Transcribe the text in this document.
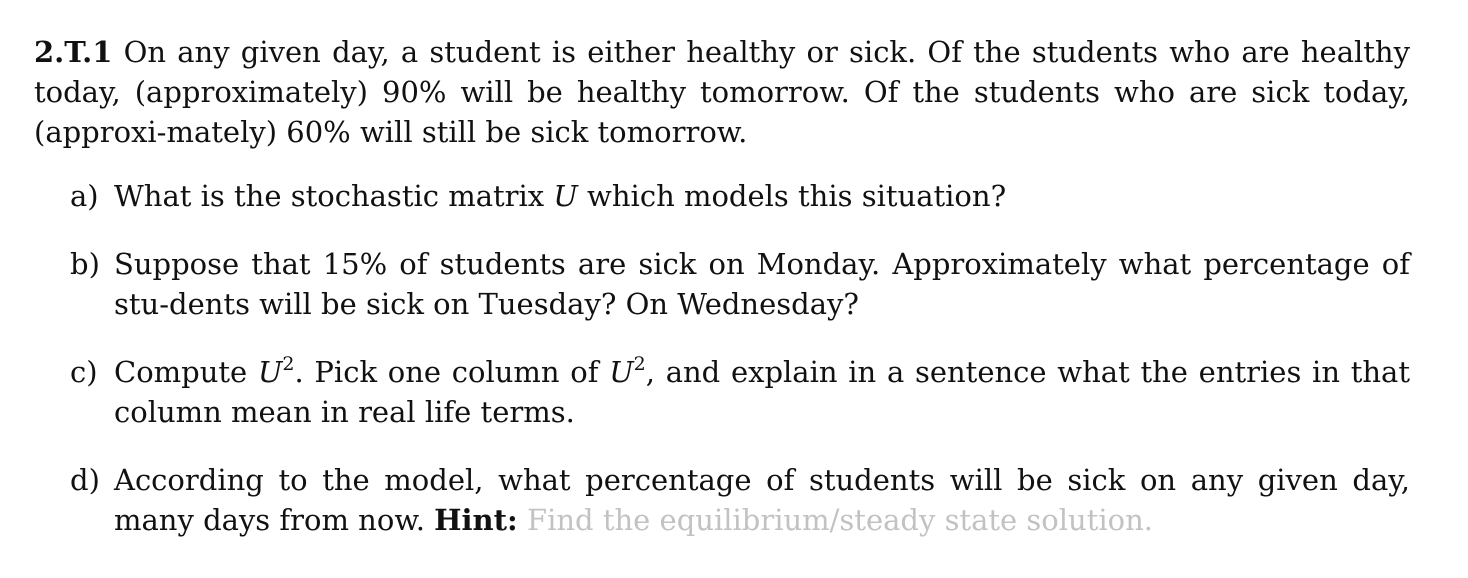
2.T.1 On any given day, a student is either healthy or sick. Of the students who are healthy today, (approximately) 90% will be healthy tomorrow. Of the students who are sick today, (approxi-mately) 60% will still be sick tomorrow.

a) What is the stochastic matrix U which models this situation?
b) Suppose that 15% of students are sick on Monday. Approximately what percentage of stu-dents will be sick on Tuesday? On Wednesday?
c) Compute $U^2$. Pick one column of $U^2$, and explain in a sentence what the entries in that column mean in real life terms.
d) According to the model, what percentage of students will be sick on any given day, many days from now. Hint: Find the equilibrium/steady state solution.
